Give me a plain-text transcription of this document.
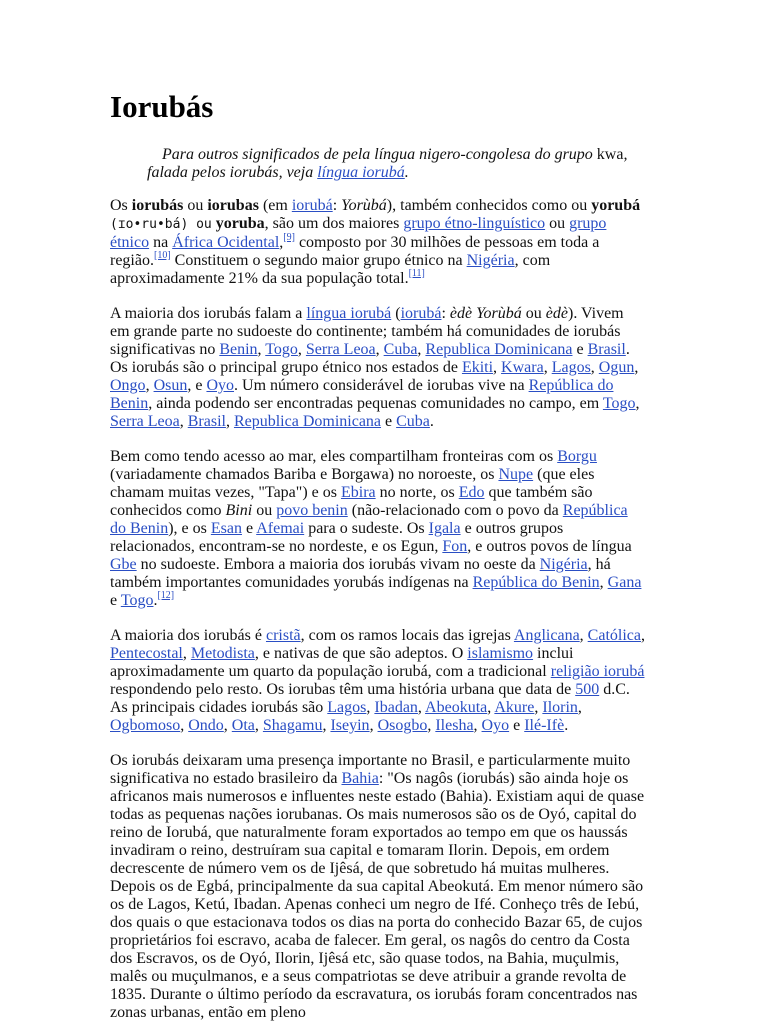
Iorubás
Para outros significados de pela língua nigero-congolesa do grupo kwa, falada pelos iorubás, veja língua iorubá.

Os iorubás ou iorubas (em iorubá: Yorùbá), também conhecidos como ou yorubá (ɪo•ru•bá) ou yoruba, são um dos maiores grupo étno-linguístico ou grupo étnico na África Ocidental,[9] composto por 30 milhões de pessoas em toda a região.[10] Constituem o segundo maior grupo étnico na Nigéria, com aproximadamente 21% da sua população total.[11]

A maioria dos iorubás falam a língua iorubá (iorubá: èdè Yorùbá ou èdè). Vivem em grande parte no sudoeste do continente; também há comunidades de iorubás significativas no Benin, Togo, Serra Leoa, Cuba, Republica Dominicana e Brasil. Os iorubás são o principal grupo étnico nos estados de Ekiti, Kwara, Lagos, Ogun, Ongo, Osun, e Oyo. Um número considerável de iorubas vive na República do Benin, ainda podendo ser encontradas pequenas comunidades no campo, em Togo, Serra Leoa, Brasil, Republica Dominicana e Cuba.

Bem como tendo acesso ao mar, eles compartilham fronteiras com os Borgu (variadamente chamados Bariba e Borgawa) no noroeste, os Nupe (que eles chamam muitas vezes, "Tapa") e os Ebira no norte, os Edo que também são conhecidos como Bini ou povo benin (não-relacionado com o povo da República do Benin), e os Esan e Afemai para o sudeste. Os Igala e outros grupos relacionados, encontram-se no nordeste, e os Egun, Fon, e outros povos de língua Gbe no sudoeste. Embora a maioria dos iorubás vivam no oeste da Nigéria, há também importantes comunidades yorubás indígenas na República do Benin, Gana e Togo.[12]

A maioria dos iorubás é cristã, com os ramos locais das igrejas Anglicana, Católica, Pentecostal, Metodista, e nativas de que são adeptos. O islamismo inclui aproximadamente um quarto da população iorubá, com a tradicional religião iorubá respondendo pelo resto. Os iorubas têm uma história urbana que data de 500 d.C. As principais cidades iorubás são Lagos, Ibadan, Abeokuta, Akure, Ilorin, Ogbomoso, Ondo, Ota, Shagamu, Iseyin, Osogbo, Ilesha, Oyo e Ilé-Ifè.

Os iorubás deixaram uma presença importante no Brasil, e particularmente muito significativa no estado brasileiro da Bahia: "Os nagôs (iorubás) são ainda hoje os africanos mais numerosos e influentes neste estado (Bahia). Existiam aqui de quase todas as pequenas nações iorubanas. Os mais numerosos são os de Oyó, capital do reino de Iorubá, que naturalmente foram exportados ao tempo em que os haussás invadiram o reino, destruíram sua capital e tomaram Ilorin. Depois, em ordem decrescente de número vem os de Ijêsá, de que sobretudo há muitas mulheres. Depois os de Egbá, principalmente da sua capital Abeokutá. Em menor número são os de Lagos, Ketú, Ibadan. Apenas conheci um negro de Ifé. Conheço três de Iebú, dos quais o que estacionava todos os dias na porta do conhecido Bazar 65, de cujos proprietários foi escravo, acaba de falecer. Em geral, os nagôs do centro da Costa dos Escravos, os de Oyó, Ilorin, Ijêsá etc, são quase todos, na Bahia, muçulmis, malês ou muçulmanos, e a seus compatriotas se deve atribuir a grande revolta de 1835. Durante o último período da escravatura, os iorubás foram concentrados nas zonas urbanas, então em pleno
